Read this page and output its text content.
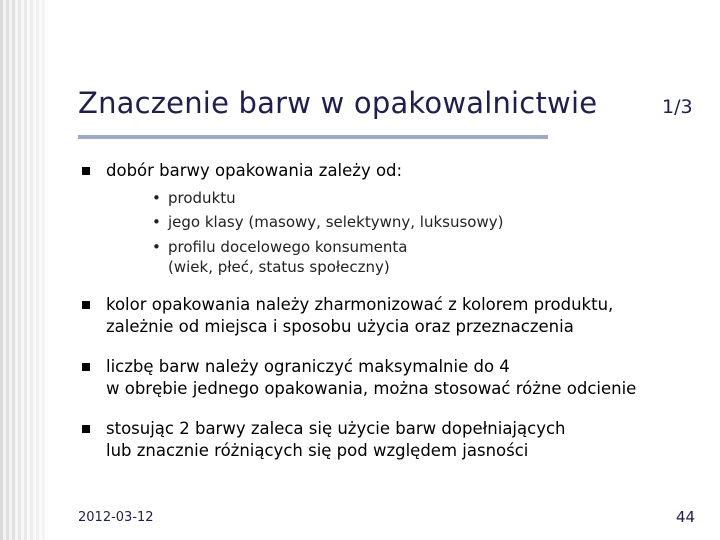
Znaczenie barw w opakowalnictwie	1/3
dobór barwy opakowania zależy od:
• produktu
• jego klasy (masowy, selektywny, luksusowy)
• profilu docelowego konsumenta
(wiek, płeć, status społeczny)
kolor opakowania należy zharmonizować z kolorem produktu,
zależnie od miejsca i sposobu użycia oraz przeznaczenia
liczbę barw należy ograniczyć maksymalnie do 4
w obrębie jednego opakowania, można stosować różne odcienie
stosując 2 barwy zaleca się użycie barw dopełniających
lub znacznie różniących się pod względem jasności
2012-03-12	44
